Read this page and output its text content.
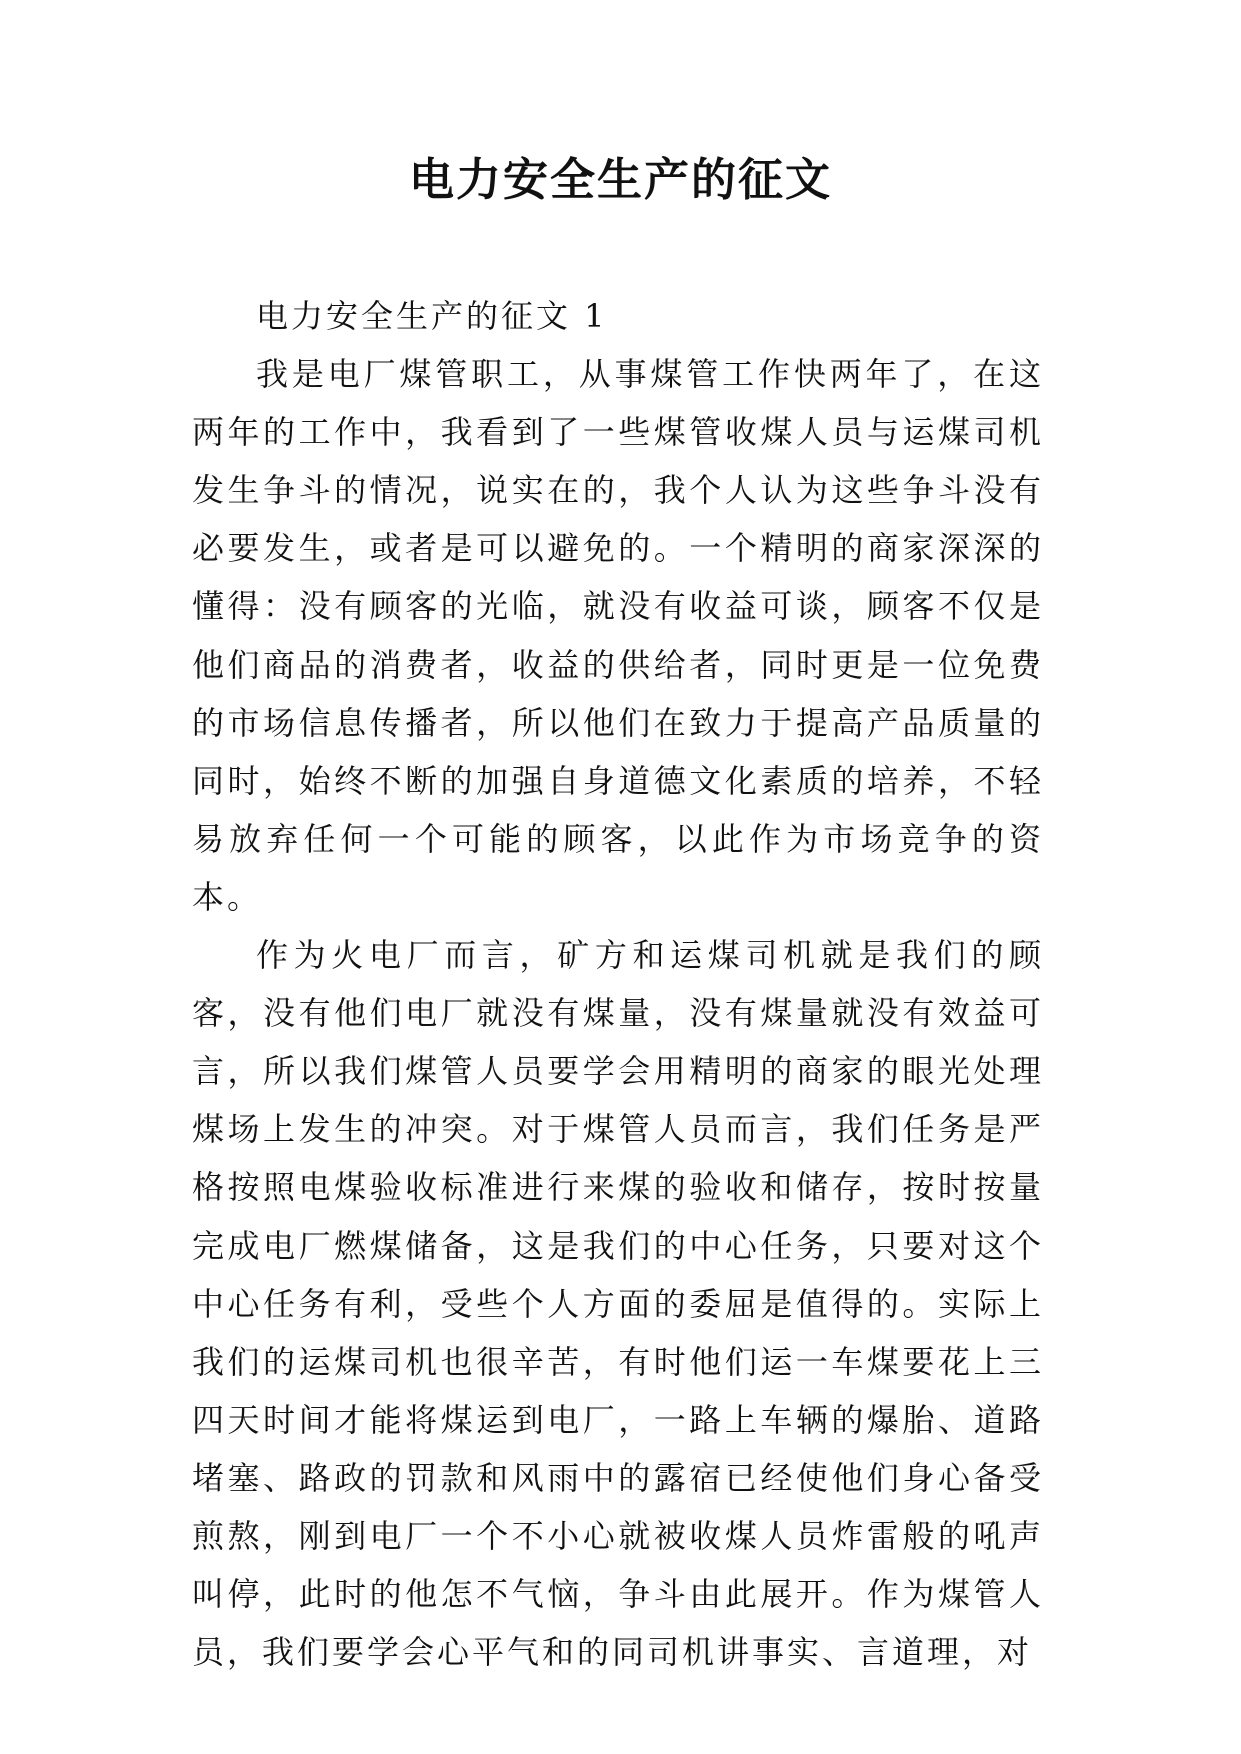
电力安全生产的征文

电力安全生产的征文 1

我是电厂煤管职工，从事煤管工作快两年了，在这两年的工作中，我看到了一些煤管收煤人员与运煤司机发生争斗的情况，说实在的，我个人认为这些争斗没有必要发生，或者是可以避免的。一个精明的商家深深的懂得：没有顾客的光临，就没有收益可谈，顾客不仅是他们商品的消费者，收益的供给者，同时更是一位免费的市场信息传播者，所以他们在致力于提高产品质量的同时，始终不断的加强自身道德文化素质的培养，不轻易放弃任何一个可能的顾客，以此作为市场竞争的资本。

作为火电厂而言，矿方和运煤司机就是我们的顾客，没有他们电厂就没有煤量，没有煤量就没有效益可言，所以我们煤管人员要学会用精明的商家的眼光处理煤场上发生的冲突。对于煤管人员而言，我们任务是严格按照电煤验收标准进行来煤的验收和储存，按时按量完成电厂燃煤储备，这是我们的中心任务，只要对这个中心任务有利，受些个人方面的委屈是值得的。实际上我们的运煤司机也很辛苦，有时他们运一车煤要花上三四天时间才能将煤运到电厂，一路上车辆的爆胎、道路堵塞、路政的罚款和风雨中的露宿已经使他们身心备受煎熬，刚到电厂一个不小心就被收煤人员炸雷般的吼声叫停，此时的他怎不气恼，争斗由此展开。作为煤管人员，我们要学会心平气和的同司机讲事实、言道理，对
